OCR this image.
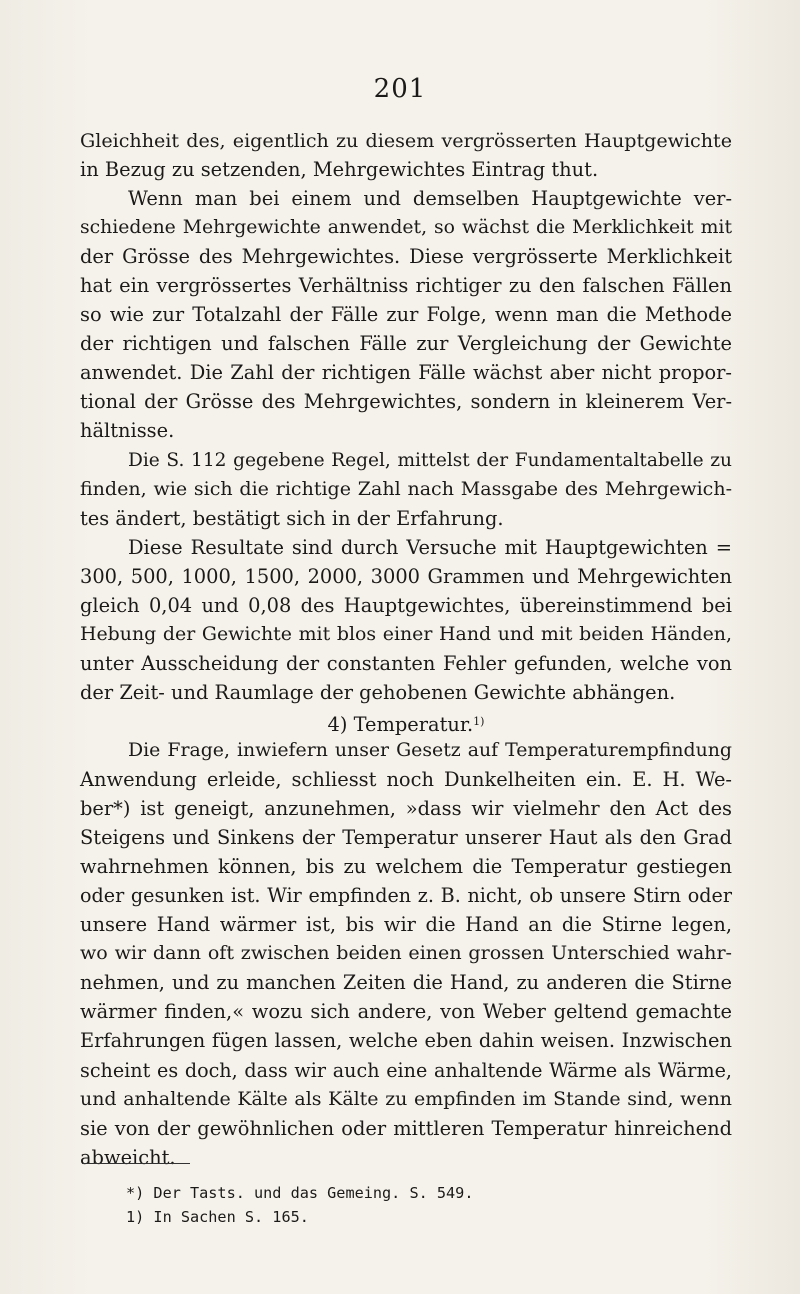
201
Gleichheit des, eigentlich zu diesem vergrösserten Hauptgewichte
in Bezug zu setzenden, Mehrgewichtes Eintrag thut.
Wenn man bei einem und demselben Hauptgewichte ver-
schiedene Mehrgewichte anwendet, so wächst die Merklichkeit mit
der Grösse des Mehrgewichtes. Diese vergrösserte Merklichkeit
hat ein vergrössertes Verhältniss richtiger zu den falschen Fällen
so wie zur Totalzahl der Fälle zur Folge, wenn man die Methode
der richtigen und falschen Fälle zur Vergleichung der Gewichte
anwendet. Die Zahl der richtigen Fälle wächst aber nicht propor-
tional der Grösse des Mehrgewichtes, sondern in kleinerem Ver-
hältnisse.
Die S. 112 gegebene Regel, mittelst der Fundamentaltabelle zu
finden, wie sich die richtige Zahl nach Massgabe des Mehrgewich-
tes ändert, bestätigt sich in der Erfahrung.
Diese Resultate sind durch Versuche mit Hauptgewichten =
300, 500, 1000, 1500, 2000, 3000 Grammen und Mehrgewichten
gleich 0,04 und 0,08 des Hauptgewichtes, übereinstimmend bei
Hebung der Gewichte mit blos einer Hand und mit beiden Händen,
unter Ausscheidung der constanten Fehler gefunden, welche von
der Zeit- und Raumlage der gehobenen Gewichte abhängen.
4) Temperatur.$^{1)}$
Die Frage, inwiefern unser Gesetz auf Temperaturempfindung
Anwendung erleide, schliesst noch Dunkelheiten ein. E. H. We-
ber*) ist geneigt, anzunehmen, »dass wir vielmehr den Act des
Steigens und Sinkens der Temperatur unserer Haut als den Grad
wahrnehmen können, bis zu welchem die Temperatur gestiegen
oder gesunken ist. Wir empfinden z. B. nicht, ob unsere Stirn oder
unsere Hand wärmer ist, bis wir die Hand an die Stirne legen,
wo wir dann oft zwischen beiden einen grossen Unterschied wahr-
nehmen, und zu manchen Zeiten die Hand, zu anderen die Stirne
wärmer finden,« wozu sich andere, von Weber geltend gemachte
Erfahrungen fügen lassen, welche eben dahin weisen. Inzwischen
scheint es doch, dass wir auch eine anhaltende Wärme als Wärme,
und anhaltende Kälte als Kälte zu empfinden im Stande sind, wenn
sie von der gewöhnlichen oder mittleren Temperatur hinreichend
abweicht.
*) Der Tasts. und das Gemeing. S. 549.
1) In Sachen S. 165.
